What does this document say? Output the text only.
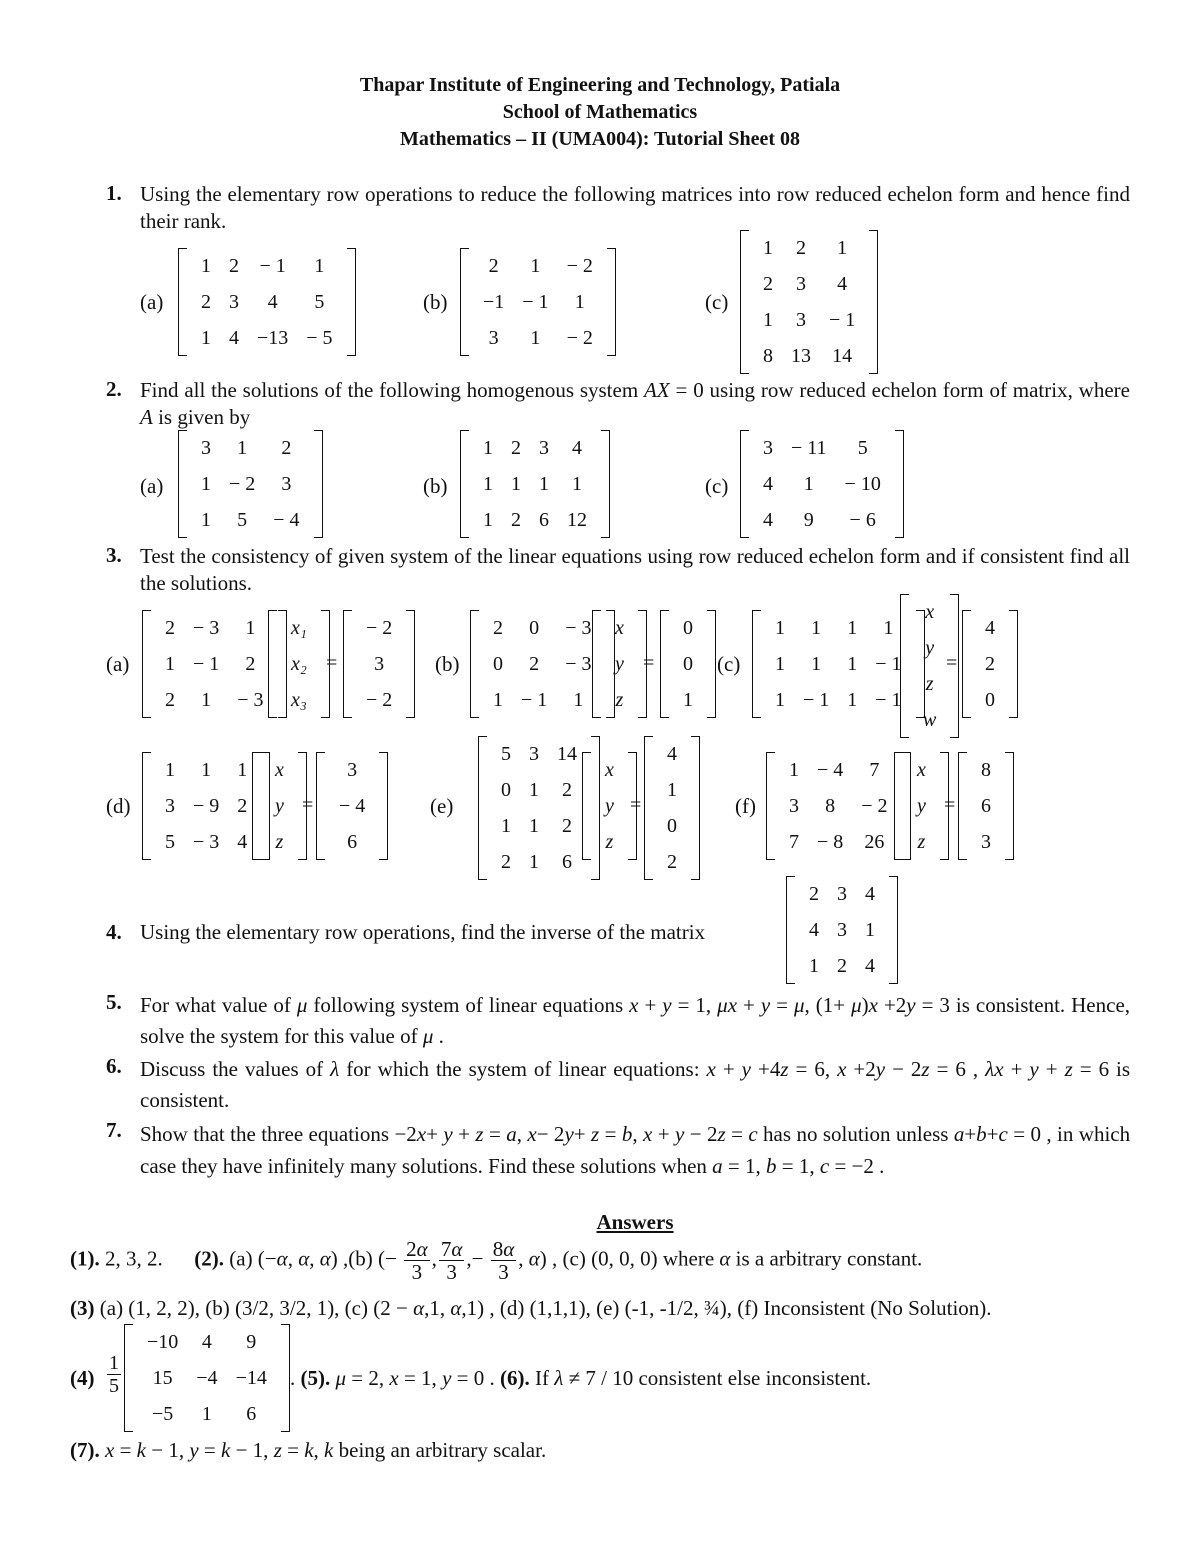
Thapar Institute of Engineering and Technology, Patiala
School of Mathematics
Mathematics – II (UMA004): Tutorial Sheet 08
1. Using the elementary row operations to reduce the following matrices into row reduced echelon form and hence find their rank.
(a)
1	2	− 1	1
2	3	4	5
1	4	−13	− 5
(b)
2	1	− 2
−1	− 1	1
3	1	− 2
(c)
1	2	1
2	3	4
1	3	− 1
8	13	14
2. Find all the solutions of the following homogenous system AX = 0 using row reduced echelon form of matrix, where A is given by
(a)
3	1	2
1	− 2	3
1	5	− 4
(b)
1	2	3	4
1	1	1	1
1	2	6	12
(c)
3	− 11	5
4	1	− 10
4	9	− 6
3. Test the consistency of given system of the linear equations using row reduced echelon form and if consistent find all the solutions.
(a)
2	− 3	1
1	− 1	2
2	1	− 3
x₁
x₂
x₃
=
− 2
3
− 2
(b)
2	0	− 3
0	2	− 3
1	− 1	1
x
y
z
=
0
0
1
(c)
1	1	1	1
1	1	1	− 1
1	− 1	1	− 1
x
y
z
w
=
4
2
0
(d)
1	1	1
3	− 9	2
5	− 3	4
x
y
z
=
3
− 4
6
(e)
5	3	14
0	1	2
1	1	2
2	1	6
x
y
z
=
4
1
0
2
(f)
1	− 4	7
3	8	− 2
7	− 8	26
x
y
z
=
8
6
3
4. Using the elementary row operations, find the inverse of the matrix
2	3	4
4	3	1
1	2	4
5. For what value of μ following system of linear equations x + y = 1, μx + y = μ, (1+ μ)x +2y = 3 is consistent. Hence, solve the system for this value of μ .
6. Discuss the values of λ for which the system of linear equations: x + y +4z = 6, x +2y − 2z = 6 , λx + y + z = 6 is consistent.
7. Show that the three equations −2x+ y + z = a, x− 2y+ z = b, x + y − 2z = c has no solution unless a+b+c = 0 , in which case they have infinitely many solutions. Find these solutions when a = 1, b = 1, c = −2 .
Answers
(1). 2, 3, 2.      (2). (a) (−α, α, α) ,(b) (− $\frac{2\alpha}{3}$ , $\frac{7\alpha}{3}$ ,− $\frac{8\alpha}{3}$ , α) , (c) (0, 0, 0) where α is a arbitrary constant.
(3) (a) (1, 2, 2), (b) (3/2, 3/2, 1), (c) (2 − α,1, α,1) , (d) (1,1,1), (e) (-1, -1/2, ¾), (f) Inconsistent (No Solution).
$(4) \frac{1}{5}$
−10	4	9
15	−4	−14
−5	1	6
. (5). μ = 2, x = 1, y = 0 . (6). If λ ≠ 7 / 10 consistent else inconsistent.
(7). x = k − 1, y = k − 1, z = k, k being an arbitrary scalar.
